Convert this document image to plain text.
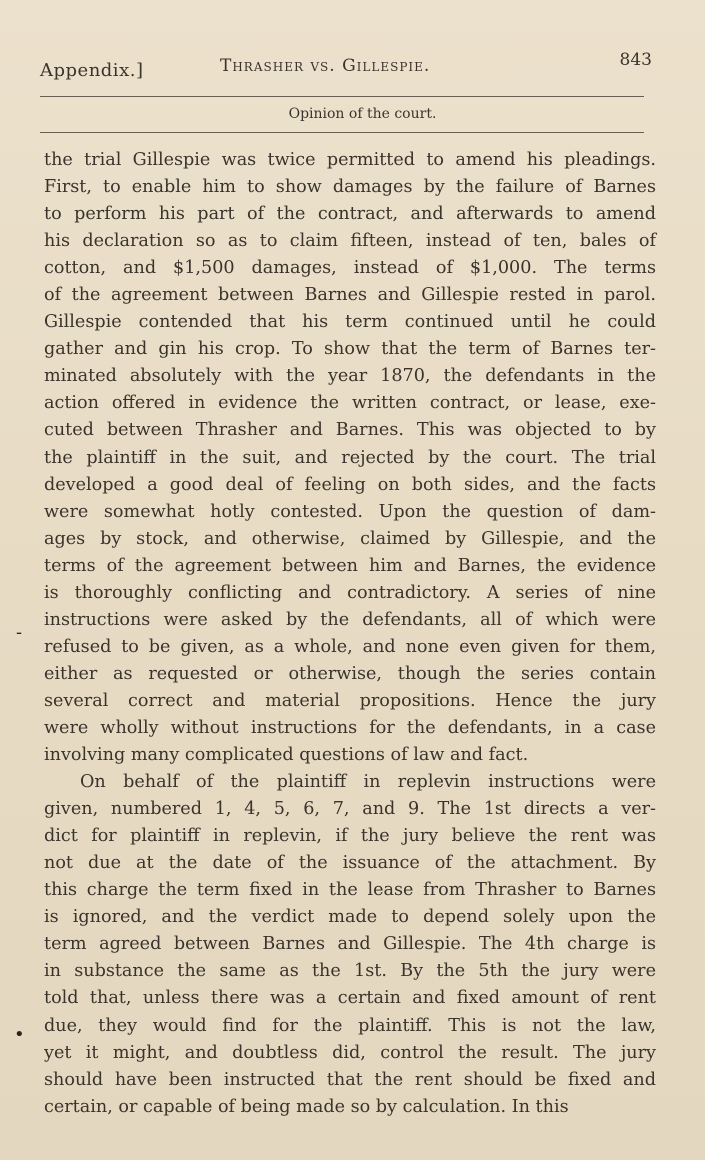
Appendix.]	Thrasher vs. Gillespie.	843
Opinion of the court.
-
•
the trial Gillespie was twice permitted to amend his pleadings.
First, to enable him to show damages by the failure of Barnes
to perform his part of the contract, and afterwards to amend
his declaration so as to claim fifteen, instead of ten, bales of
cotton, and $1,500 damages, instead of $1,000. The terms
of the agreement between Barnes and Gillespie rested in parol.
Gillespie contended that his term continued until he could
gather and gin his crop. To show that the term of Barnes ter-
minated absolutely with the year 1870, the defendants in the
action offered in evidence the written contract, or lease, exe-
cuted between Thrasher and Barnes. This was objected to by
the plaintiff in the suit, and rejected by the court. The trial
developed a good deal of feeling on both sides, and the facts
were somewhat hotly contested. Upon the question of dam-
ages by stock, and otherwise, claimed by Gillespie, and the
terms of the agreement between him and Barnes, the evidence
is thoroughly conflicting and contradictory. A series of nine
instructions were asked by the defendants, all of which were
refused to be given, as a whole, and none even given for them,
either as requested or otherwise, though the series contain
several correct and material propositions. Hence the jury
were wholly without instructions for the defendants, in a case
involving many complicated questions of law and fact.
On behalf of the plaintiff in replevin instructions were
given, numbered 1, 4, 5, 6, 7, and 9. The 1st directs a ver-
dict for plaintiff in replevin, if the jury believe the rent was
not due at the date of the issuance of the attachment. By
this charge the term fixed in the lease from Thrasher to Barnes
is ignored, and the verdict made to depend solely upon the
term agreed between Barnes and Gillespie. The 4th charge is
in substance the same as the 1st. By the 5th the jury were
told that, unless there was a certain and fixed amount of rent
due, they would find for the plaintiff. This is not the law,
yet it might, and doubtless did, control the result. The jury
should have been instructed that the rent should be fixed and
certain, or capable of being made so by calculation. In this
